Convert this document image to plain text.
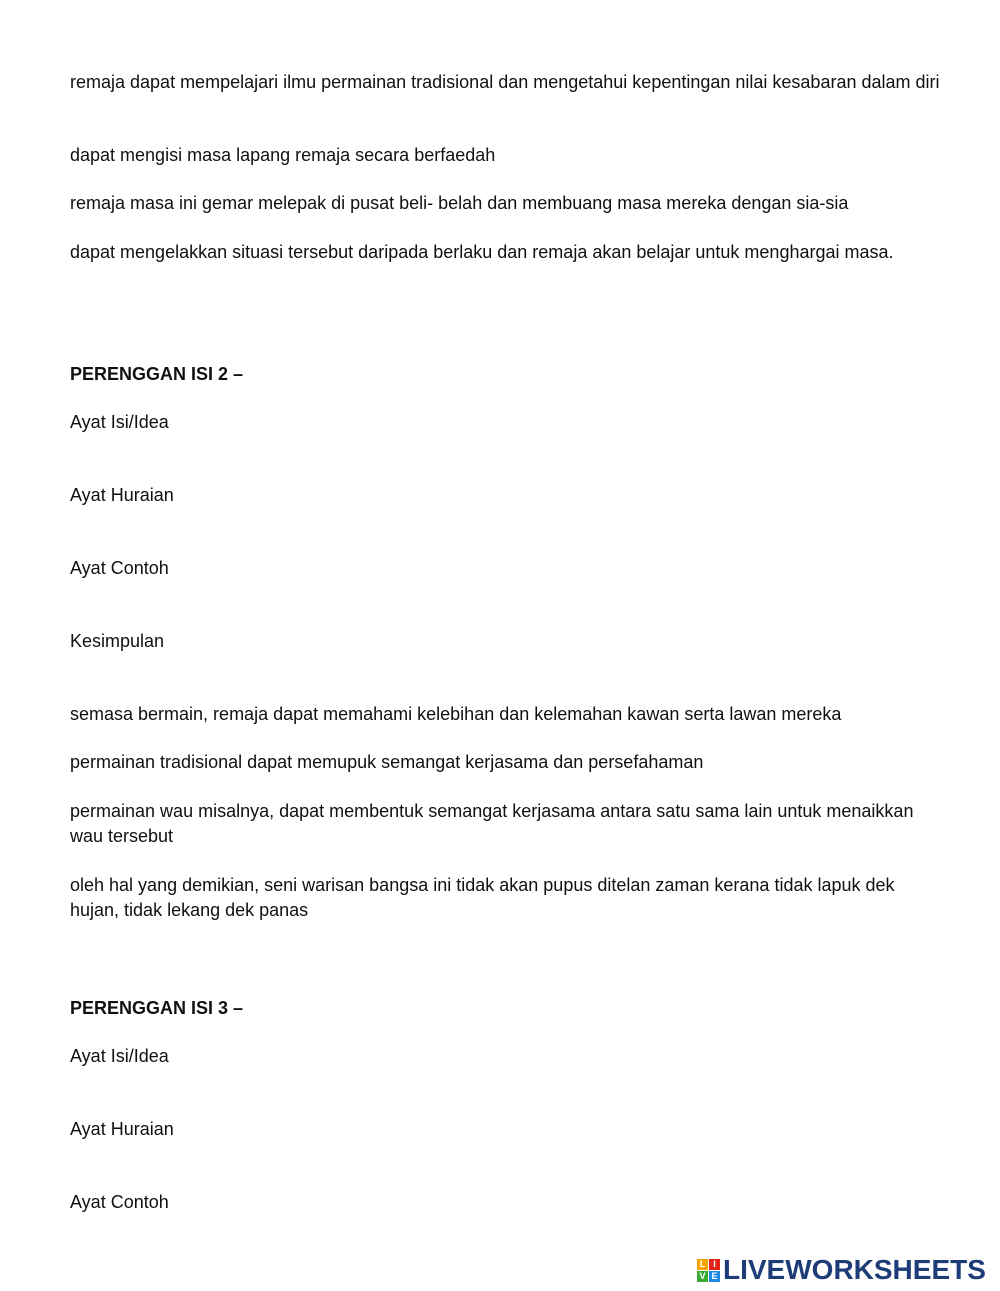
remaja dapat mempelajari ilmu permainan tradisional dan mengetahui kepentingan nilai kesabaran dalam diri

dapat mengisi masa lapang remaja secara berfaedah

remaja masa ini gemar melepak di pusat beli- belah dan membuang masa mereka dengan sia-sia

dapat mengelakkan situasi tersebut daripada berlaku dan remaja akan belajar untuk menghargai masa.

PERENGGAN ISI 2 –

Ayat Isi/Idea

Ayat Huraian

Ayat Contoh

Kesimpulan

semasa bermain, remaja dapat memahami kelebihan dan kelemahan kawan serta lawan mereka

permainan tradisional dapat memupuk semangat kerjasama dan persefahaman

permainan wau misalnya, dapat membentuk semangat kerjasama antara satu sama lain untuk menaikkan wau tersebut

oleh hal yang demikian, seni warisan bangsa ini tidak akan pupus ditelan zaman kerana tidak lapuk dek hujan, tidak lekang dek panas

PERENGGAN ISI 3 –

Ayat Isi/Idea

Ayat Huraian

Ayat Contoh

L I
V E LIVEWORKSHEETS
